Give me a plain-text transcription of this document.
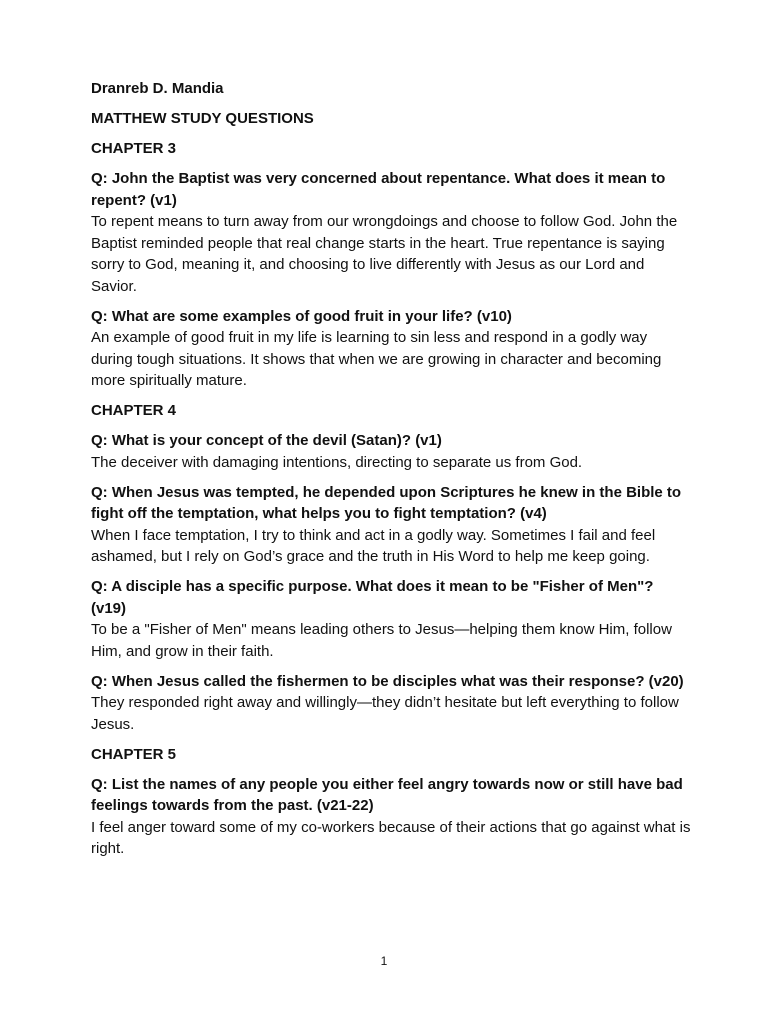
Dranreb D. Mandia

MATTHEW STUDY QUESTIONS

CHAPTER 3

Q: John the Baptist was very concerned about repentance. What does it mean to repent? (v1)

To repent means to turn away from our wrongdoings and choose to follow God. John the Baptist reminded people that real change starts in the heart. True repentance is saying sorry to God, meaning it, and choosing to live differently with Jesus as our Lord and Savior.

Q: What are some examples of good fruit in your life? (v10)

An example of good fruit in my life is learning to sin less and respond in a godly way during tough situations. It shows that when we are growing in character and becoming more spiritually mature.

CHAPTER 4

Q: What is your concept of the devil (Satan)? (v1)

The deceiver with damaging intentions, directing to separate us from God.

Q: When Jesus was tempted, he depended upon Scriptures he knew in the Bible to fight off the temptation, what helps you to fight temptation? (v4)

When I face temptation, I try to think and act in a godly way. Sometimes I fail and feel ashamed, but I rely on God’s grace and the truth in His Word to help me keep going.

Q: A disciple has a specific purpose. What does it mean to be "Fisher of Men"? (v19)

To be a "Fisher of Men" means leading others to Jesus—helping them know Him, follow Him, and grow in their faith.

Q: When Jesus called the fishermen to be disciples what was their response? (v20)

They responded right away and willingly—they didn’t hesitate but left everything to follow Jesus.

CHAPTER 5

Q: List the names of any people you either feel angry towards now or still have bad feelings towards from the past. (v21-22)

I feel anger toward some of my co-workers because of their actions that go against what is right.

1
